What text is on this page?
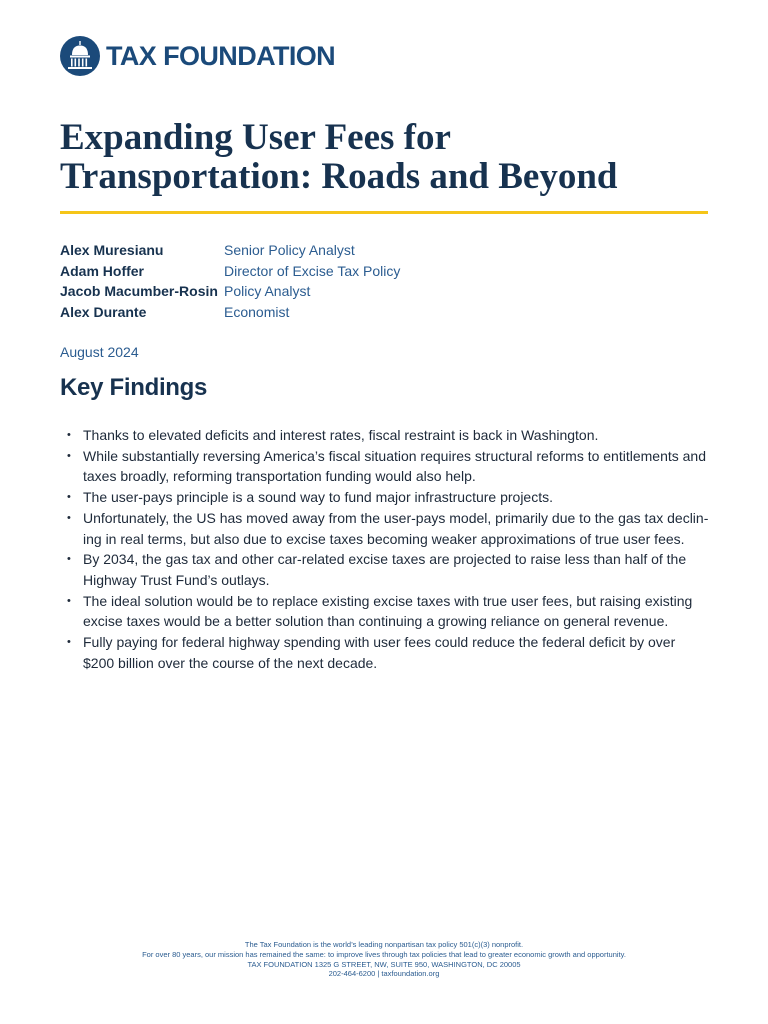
TAX FOUNDATION
Expanding User Fees for
Transportation: Roads and Beyond
Alex Muresianu	Senior Policy Analyst
Adam Hoffer	Director of Excise Tax Policy
Jacob Macumber-Rosin Policy Analyst
Alex Durante	Economist
August 2024
Key Findings
• Thanks to elevated deficits and interest rates, fiscal restraint is back in Washington.
• While substantially reversing America’s fiscal situation requires structural reforms to entitlements and taxes broadly, reforming transportation funding would also help.
• The user-pays principle is a sound way to fund major infrastructure projects.
• Unfortunately, the US has moved away from the user-pays model, primarily due to the gas tax declining in real terms, but also due to excise taxes becoming weaker approximations of true user fees.
• By 2034, the gas tax and other car-related excise taxes are projected to raise less than half of the Highway Trust Fund’s outlays.
• The ideal solution would be to replace existing excise taxes with true user fees, but raising existing excise taxes would be a better solution than continuing a growing reliance on general revenue.
• Fully paying for federal highway spending with user fees could reduce the federal deficit by over $200 billion over the course of the next decade.
The Tax Foundation is the world’s leading nonpartisan tax policy 501(c)(3) nonprofit.
For over 80 years, our mission has remained the same: to improve lives through tax policies that lead to greater economic growth and opportunity.
TAX FOUNDATION 1325 G STREET, NW, SUITE 950, WASHINGTON, DC 20005
202-464-6200 | taxfoundation.org
